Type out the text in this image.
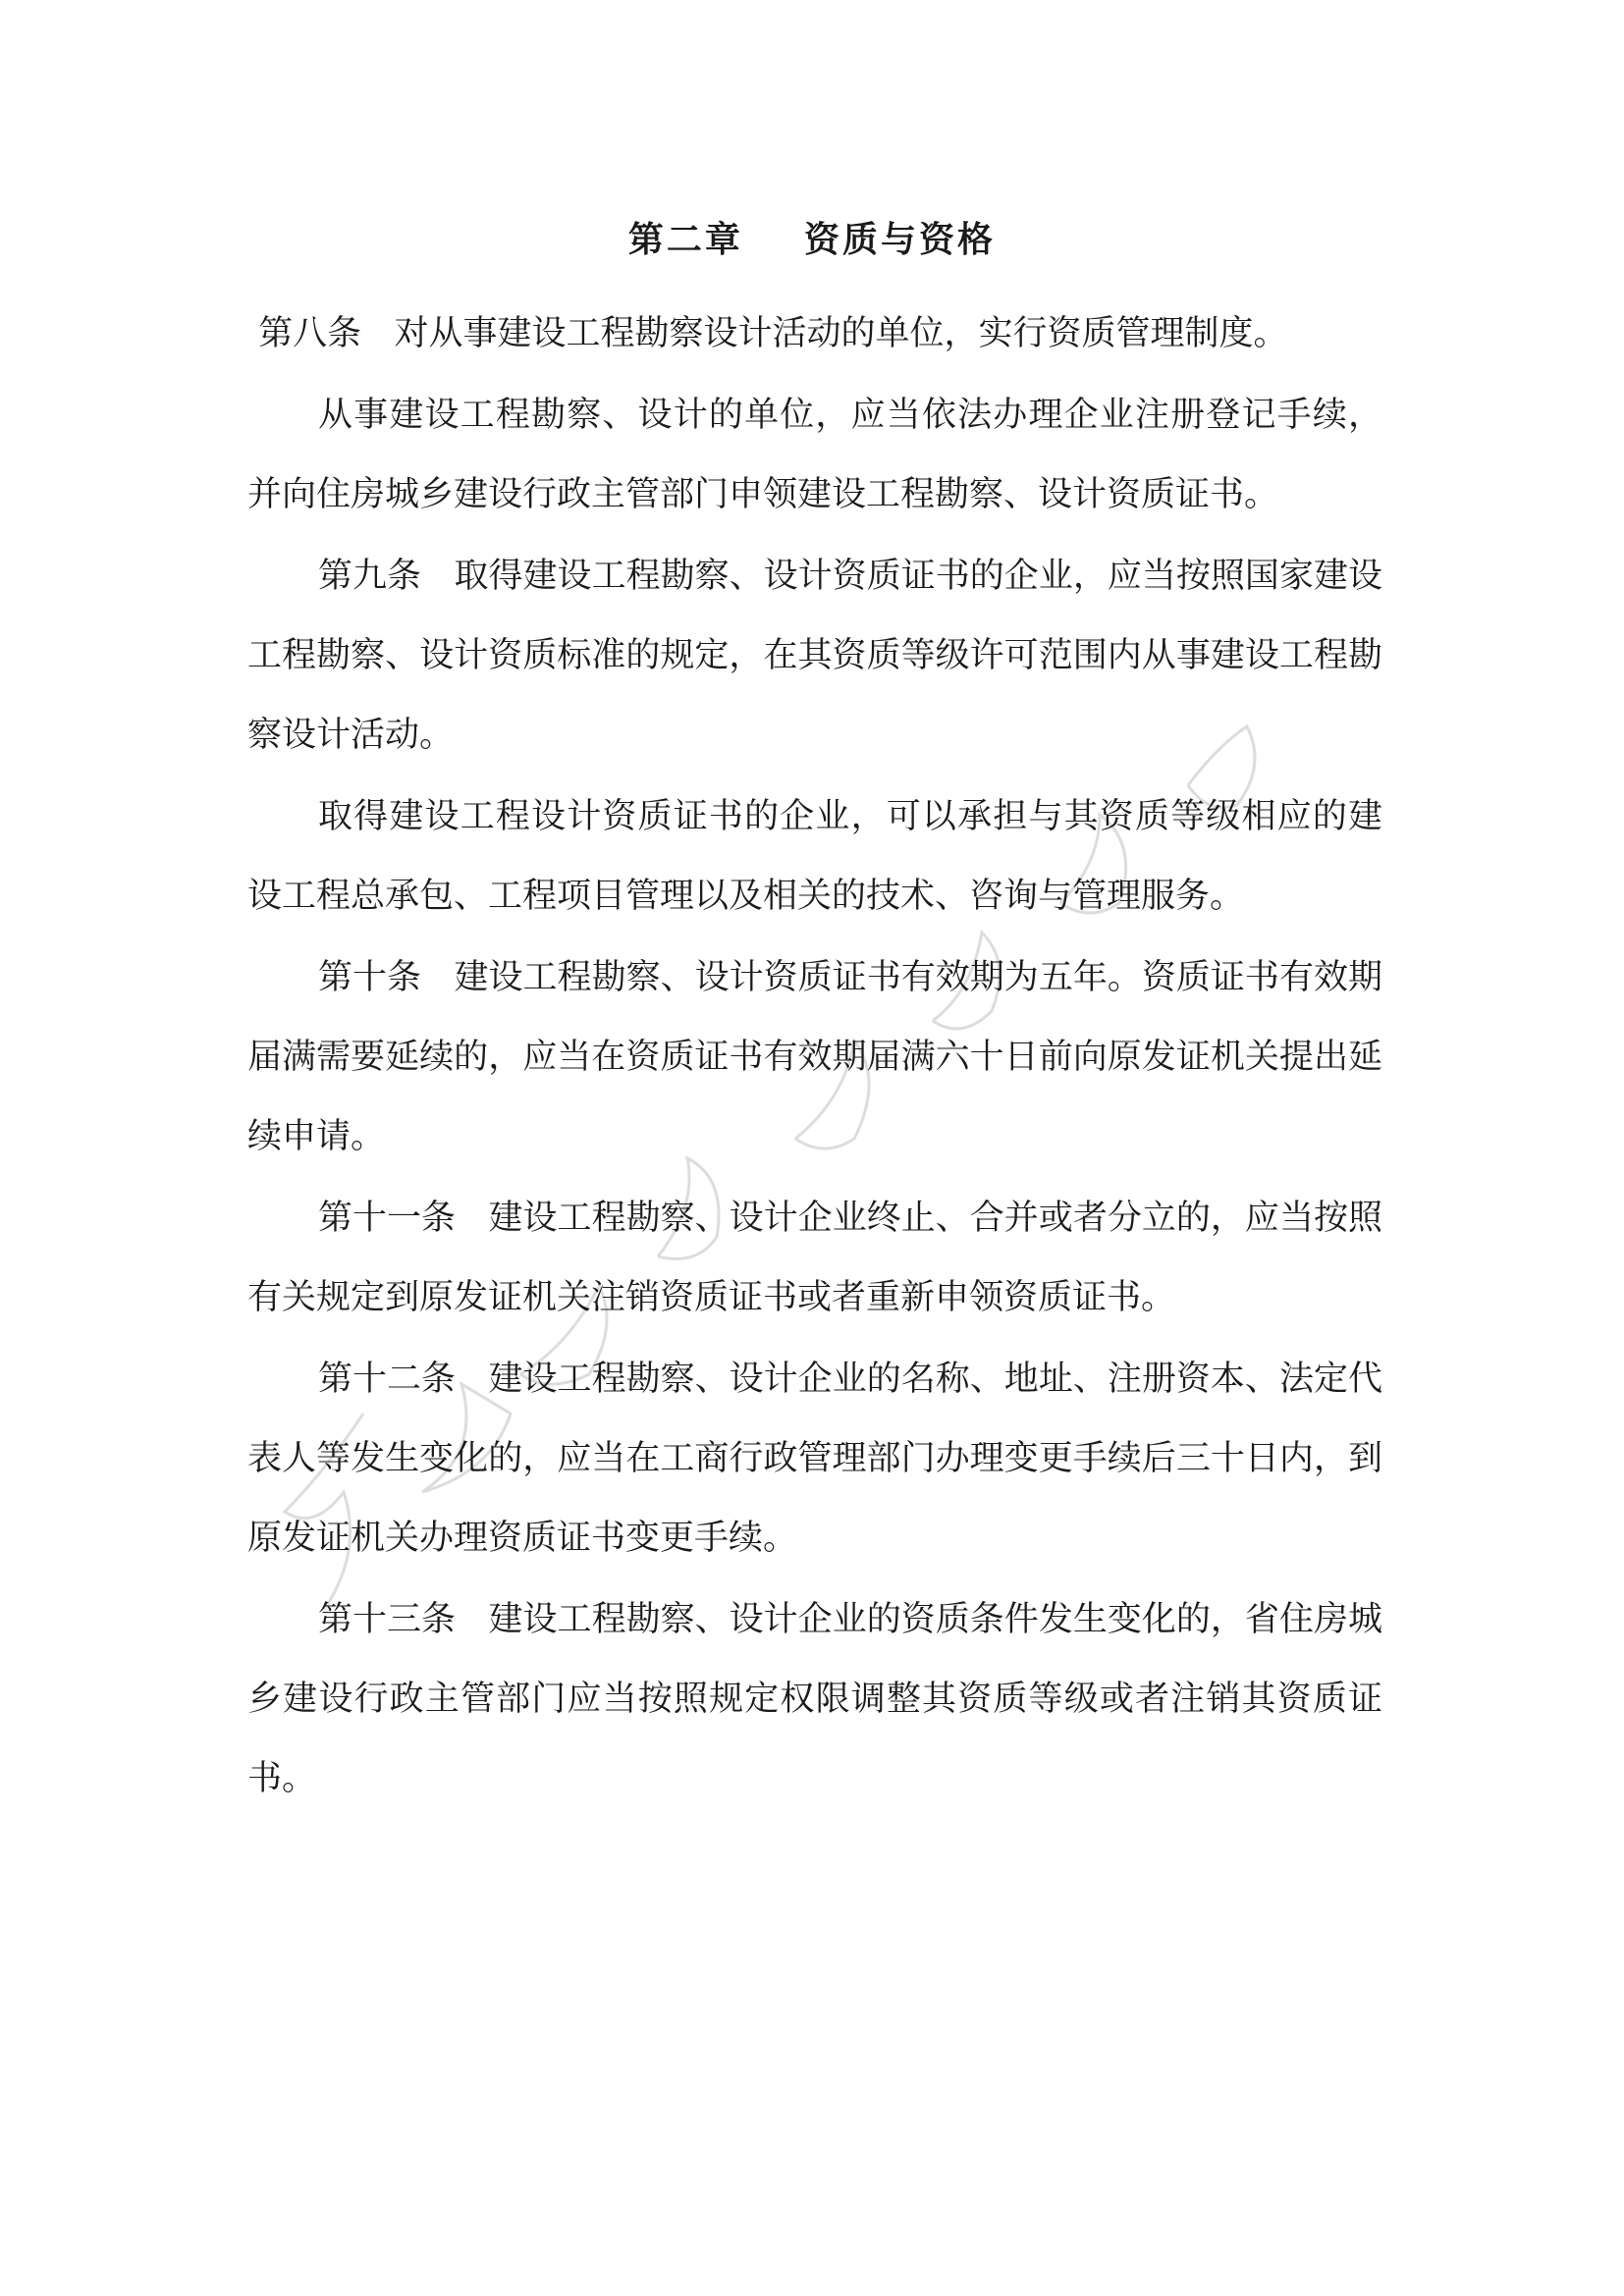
第二章    资质与资格

第八条   对从事建设工程勘察设计活动的单位，实行资质管理制度。

从事建设工程勘察、设计的单位，应当依法办理企业注册登记手续，并向住房城乡建设行政主管部门申领建设工程勘察、设计资质证书。

第九条   取得建设工程勘察、设计资质证书的企业，应当按照国家建设工程勘察、设计资质标准的规定，在其资质等级许可范围内从事建设工程勘察设计活动。

取得建设工程设计资质证书的企业，可以承担与其资质等级相应的建设工程总承包、工程项目管理以及相关的技术、咨询与管理服务。

第十条   建设工程勘察、设计资质证书有效期为五年。资质证书有效期届满需要延续的，应当在资质证书有效期届满六十日前向原发证机关提出延续申请。

第十一条   建设工程勘察、设计企业终止、合并或者分立的，应当按照有关规定到原发证机关注销资质证书或者重新申领资质证书。

第十二条   建设工程勘察、设计企业的名称、地址、注册资本、法定代表人等发生变化的，应当在工商行政管理部门办理变更手续后三十日内，到原发证机关办理资质证书变更手续。

第十三条   建设工程勘察、设计企业的资质条件发生变化的，省住房城乡建设行政主管部门应当按照规定权限调整其资质等级或者注销其资质证书。
